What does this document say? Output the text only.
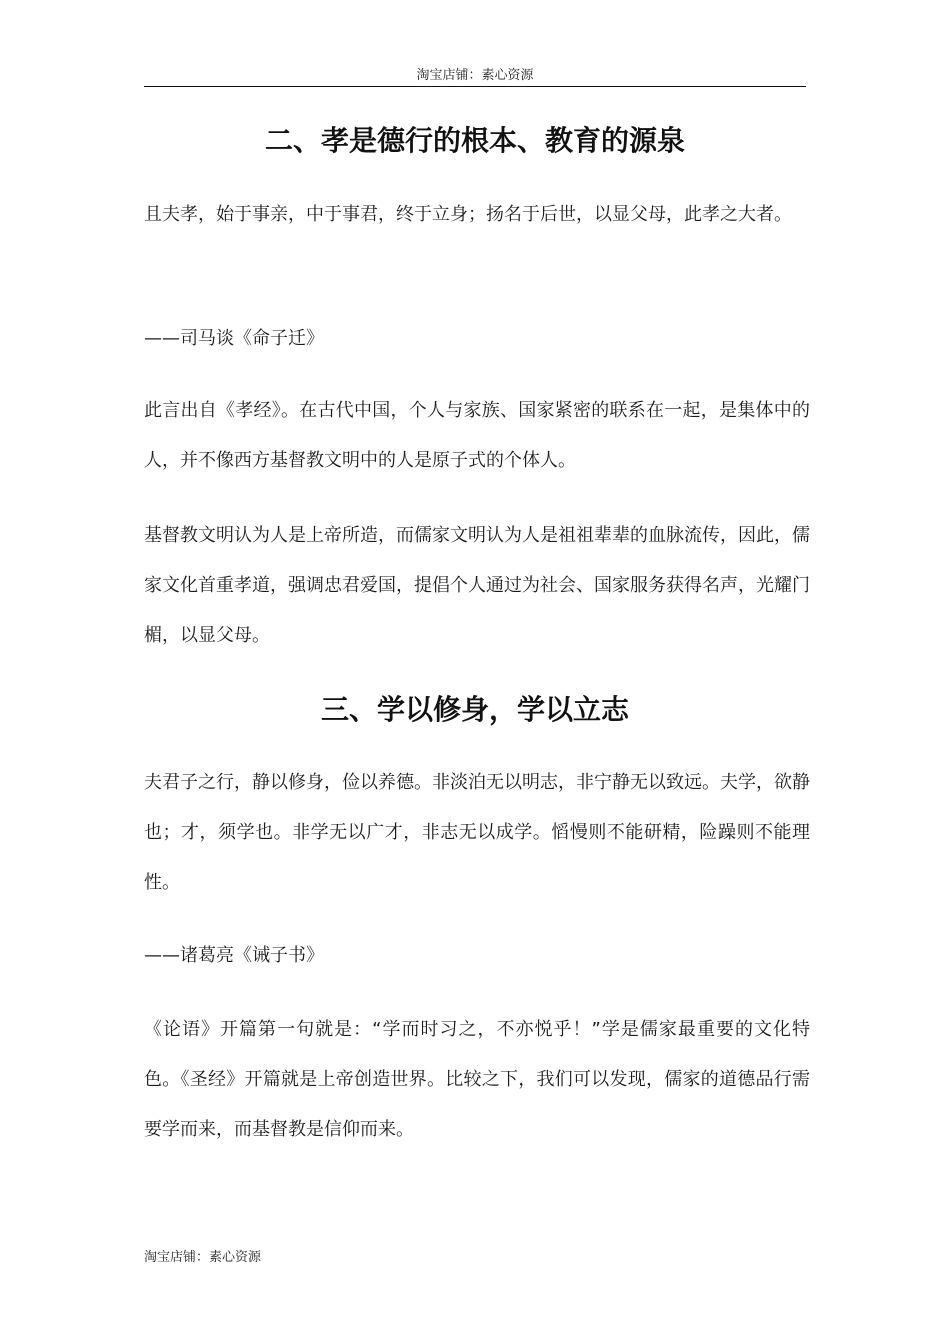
淘宝店铺：素心资源
二、孝是德行的根本、教育的源泉

且夫孝，始于事亲，中于事君，终于立身；扬名于后世，以显父母，此孝之大者。

——司马谈《命子迁》

此言出自《孝经》。在古代中国，个人与家族、国家紧密的联系在一起，是集体中的人，并不像西方基督教文明中的人是原子式的个体人。

基督教文明认为人是上帝所造，而儒家文明认为人是祖祖辈辈的血脉流传，因此，儒家文化首重孝道，强调忠君爱国，提倡个人通过为社会、国家服务获得名声，光耀门楣，以显父母。

三、学以修身，学以立志

夫君子之行，静以修身，俭以养德。非淡泊无以明志，非宁静无以致远。夫学，欲静也；才，须学也。非学无以广才，非志无以成学。慆慢则不能研精，险躁则不能理性。

——诸葛亮《诫子书》

《论语》开篇第一句就是：“学而时习之，不亦悦乎！”学是儒家最重要的文化特色。《圣经》开篇就是上帝创造世界。比较之下，我们可以发现，儒家的道德品行需要学而来，而基督教是信仰而来。

淘宝店铺：素心资源
